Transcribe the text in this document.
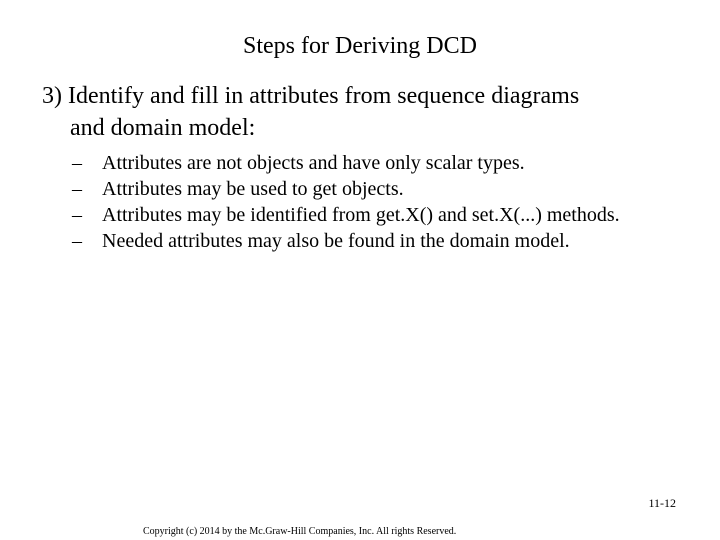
Steps for Deriving DCD
3) Identify and fill in attributes from sequence diagrams
and domain model:
– Attributes are not objects and have only scalar types.
– Attributes may be used to get objects.
– Attributes may be identified from get.X() and set.X(...) methods.
– Needed attributes may also be found in the domain model.
11-12
Copyright (c) 2014 by the Mc.Graw-Hill Companies, Inc. All rights Reserved.
